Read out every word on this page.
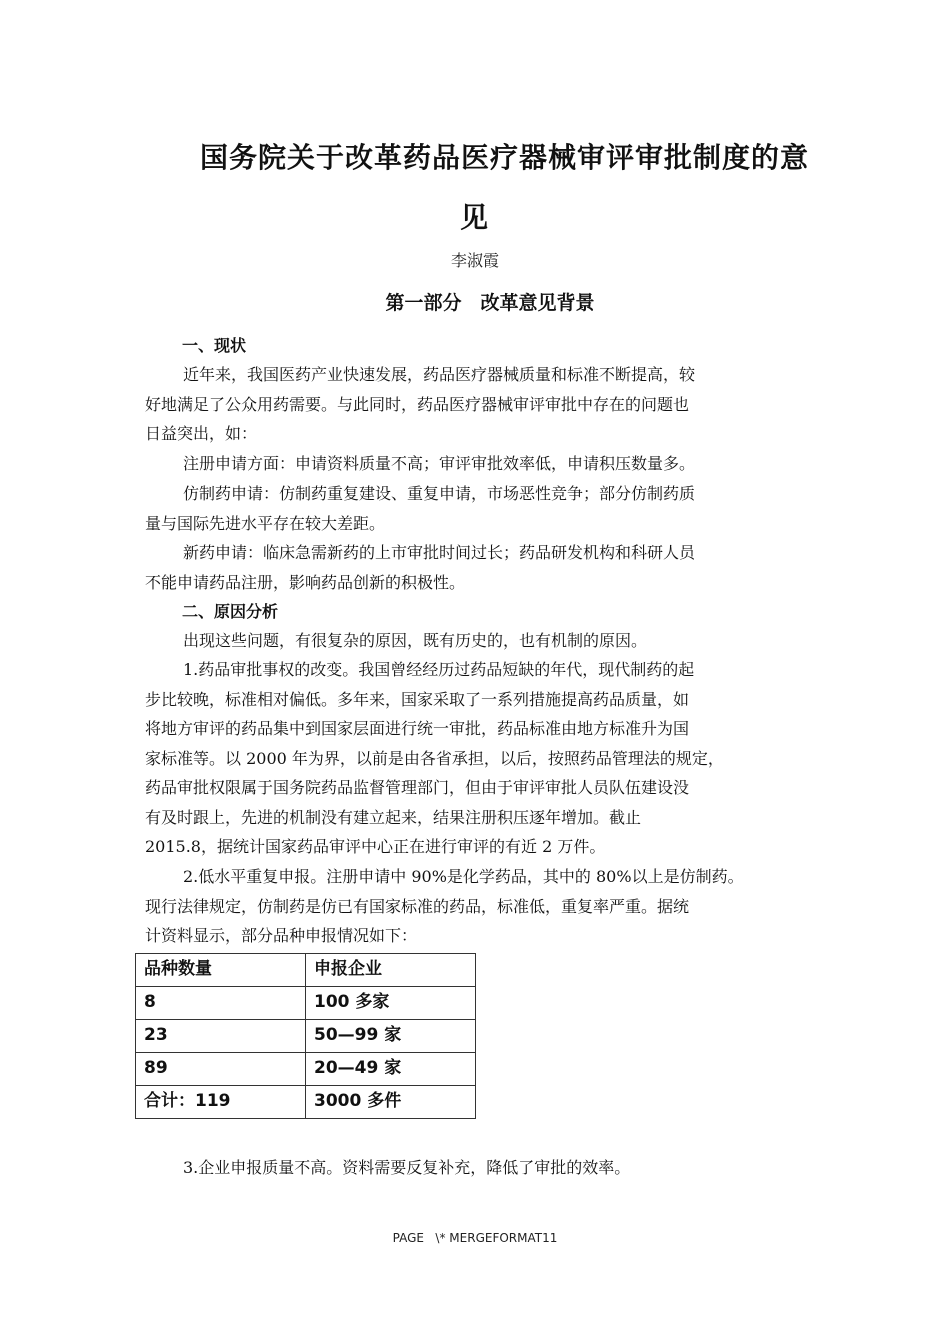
国务院关于改革药品医疗器械审评审批制度的意
见
李淑霞
第一部分　改革意见背景
一、现状
近年来，我国医药产业快速发展，药品医疗器械质量和标准不断提高，较
好地满足了公众用药需要。与此同时，药品医疗器械审评审批中存在的问题也
日益突出，如：
注册申请方面：申请资料质量不高；审评审批效率低，申请积压数量多。
仿制药申请：仿制药重复建设、重复申请，市场恶性竞争；部分仿制药质
量与国际先进水平存在较大差距。
新药申请：临床急需新药的上市审批时间过长；药品研发机构和科研人员
不能申请药品注册，影响药品创新的积极性。
二、原因分析
出现这些问题，有很复杂的原因，既有历史的，也有机制的原因。
1.药品审批事权的改变。我国曾经经历过药品短缺的年代，现代制药的起
步比较晚，标准相对偏低。多年来，国家采取了一系列措施提高药品质量，如
将地方审评的药品集中到国家层面进行统一审批，药品标准由地方标准升为国
家标准等。以 2000 年为界，以前是由各省承担，以后，按照药品管理法的规定，
药品审批权限属于国务院药品监督管理部门，但由于审评审批人员队伍建设没
有及时跟上，先进的机制没有建立起来，结果注册积压逐年增加。截止
2015.8，据统计国家药品审评中心正在进行审评的有近 2 万件。
2.低水平重复申报。注册申请中 90%是化学药品，其中的 80%以上是仿制药。
现行法律规定，仿制药是仿已有国家标准的药品，标准低，重复率严重。据统
计资料显示，部分品种申报情况如下：
品种数量	申报企业
8	100 多家
23	50—99 家
89	20—49 家
合计：119	3000 多件
3.企业申报质量不高。资料需要反复补充，降低了审批的效率。
PAGE   \* MERGEFORMAT11
